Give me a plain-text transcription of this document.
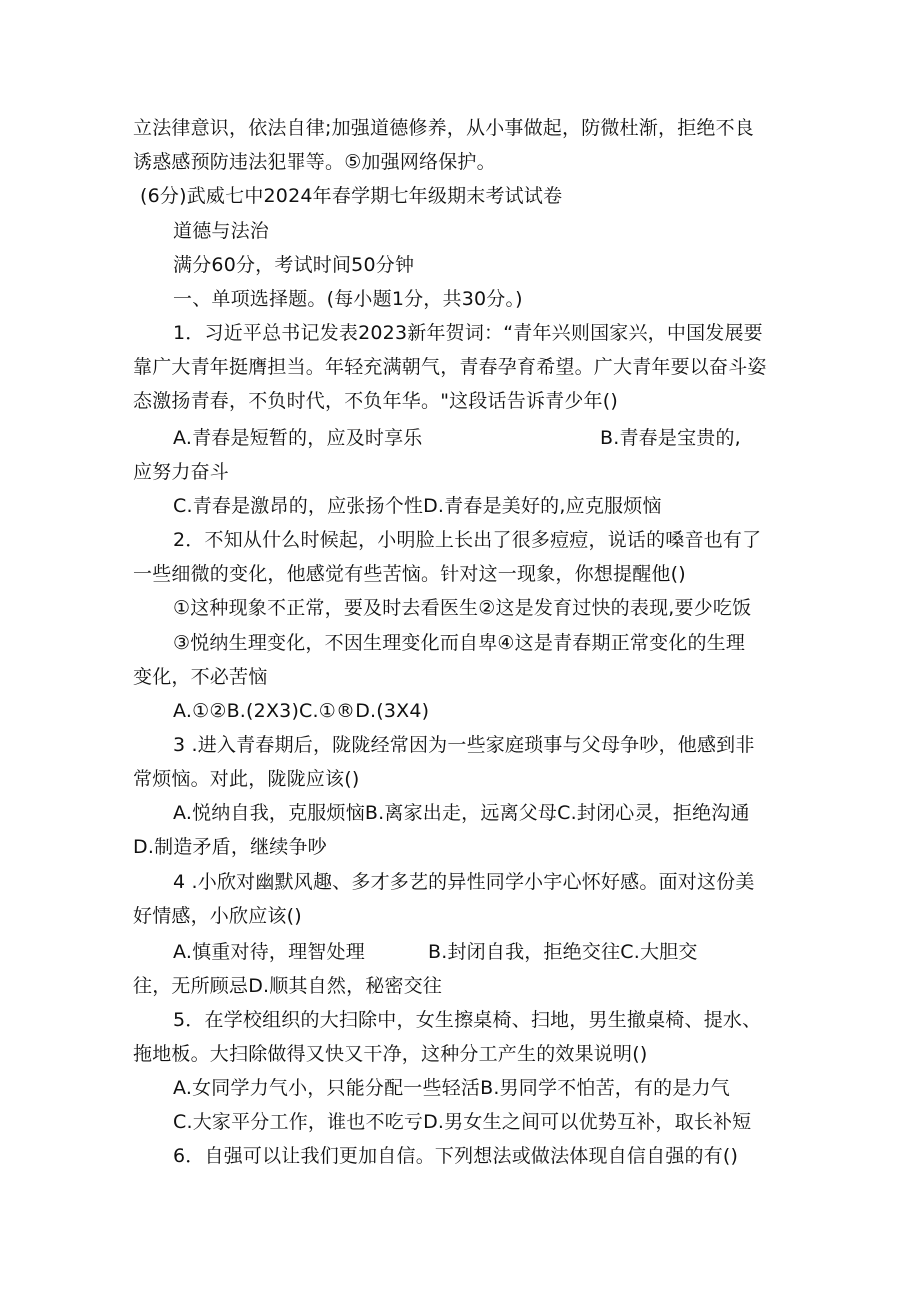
立法律意识，依法自律;加强道德修养，从小事做起，防微杜渐，拒绝不良
诱惑感预防违法犯罪等。⑤加强网络保护。
(6分)武威七中2024年春学期七年级期末考试试卷
道德与法治
满分60分，考试时间50分钟
一、单项选择题。(每小题1分，共30分。)
1．习近平总书记发表2023新年贺词：“青年兴则国家兴，中国发展要
靠广大青年挺膺担当。年轻充满朝气，青春孕育希望。广大青年要以奋斗姿
态激扬青春，不负时代，不负年华。"这段话告诉青少年()
A.青春是短暂的，应及时享乐	B.青春是宝贵的,
应努力奋斗
C.青春是激昂的，应张扬个性D.青春是美好的,应克服烦恼
2．不知从什么时候起，小明脸上长出了很多痘痘，说话的嗓音也有了
一些细微的变化，他感觉有些苦恼。针对这一现象，你想提醒他()
①这种现象不正常，要及时去看医生②这是发育过快的表现,要少吃饭
③悦纳生理变化，不因生理变化而自卑④这是青春期正常变化的生理
变化，不必苦恼
A.①②B.(2X3)C.①®D.(3X4)
3 .进入青春期后，陇陇经常因为一些家庭琐事与父母争吵，他感到非
常烦恼。对此，陇陇应该()
A.悦纳自我，克服烦恼B.离家出走，远离父母C.封闭心灵，拒绝沟通
D.制造矛盾，继续争吵
4 .小欣对幽默风趣、多才多艺的异性同学小宇心怀好感。面对这份美
好情感，小欣应该()
A.慎重对待，理智处理	B.封闭自我，拒绝交往C.大胆交
往，无所顾忌D.顺其自然，秘密交往
5．在学校组织的大扫除中，女生擦桌椅、扫地，男生撤桌椅、提水、
拖地板。大扫除做得又快又干净，这种分工产生的效果说明()
A.女同学力气小，只能分配一些轻活B.男同学不怕苦，有的是力气
C.大家平分工作，谁也不吃亏D.男女生之间可以优势互补，取长补短
6．自强可以让我们更加自信。下列想法或做法体现自信自强的有()
